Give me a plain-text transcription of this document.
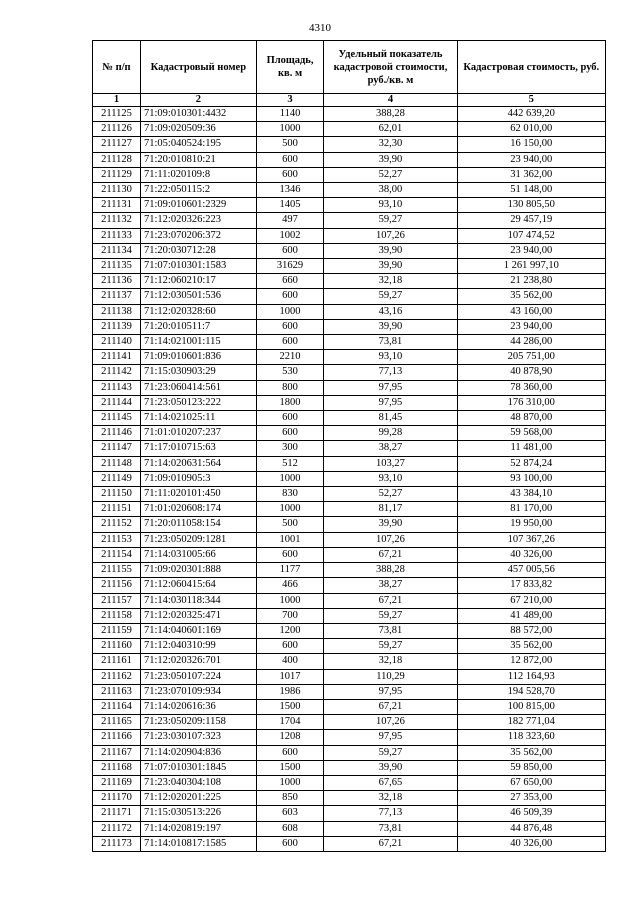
4310
№ п/п	Кадастровый номер	Площадь, кв. м	Удельный показатель кадастровой стоимости, руб./кв. м	Кадастровая стоимость, руб.
1	2	3	4	5
211125	71:09:010301:4432	1140	388,28	442 639,20
211126	71:09:020509:36	1000	62,01	62 010,00
211127	71:05:040524:195	500	32,30	16 150,00
211128	71:20:010810:21	600	39,90	23 940,00
211129	71:11:020109:8	600	52,27	31 362,00
211130	71:22:050115:2	1346	38,00	51 148,00
211131	71:09:010601:2329	1405	93,10	130 805,50
211132	71:12:020326:223	497	59,27	29 457,19
211133	71:23:070206:372	1002	107,26	107 474,52
211134	71:20:030712:28	600	39,90	23 940,00
211135	71:07:010301:1583	31629	39,90	1 261 997,10
211136	71:12:060210:17	660	32,18	21 238,80
211137	71:12:030501:536	600	59,27	35 562,00
211138	71:12:020328:60	1000	43,16	43 160,00
211139	71:20:010511:7	600	39,90	23 940,00
211140	71:14:021001:115	600	73,81	44 286,00
211141	71:09:010601:836	2210	93,10	205 751,00
211142	71:15:030903:29	530	77,13	40 878,90
211143	71:23:060414:561	800	97,95	78 360,00
211144	71:23:050123:222	1800	97,95	176 310,00
211145	71:14:021025:11	600	81,45	48 870,00
211146	71:01:010207:237	600	99,28	59 568,00
211147	71:17:010715:63	300	38,27	11 481,00
211148	71:14:020631:564	512	103,27	52 874,24
211149	71:09:010905:3	1000	93,10	93 100,00
211150	71:11:020101:450	830	52,27	43 384,10
211151	71:01:020608:174	1000	81,17	81 170,00
211152	71:20:011058:154	500	39,90	19 950,00
211153	71:23:050209:1281	1001	107,26	107 367,26
211154	71:14:031005:66	600	67,21	40 326,00
211155	71:09:020301:888	1177	388,28	457 005,56
211156	71:12:060415:64	466	38,27	17 833,82
211157	71:14:030118:344	1000	67,21	67 210,00
211158	71:12:020325:471	700	59,27	41 489,00
211159	71:14:040601:169	1200	73,81	88 572,00
211160	71:12:040310:99	600	59,27	35 562,00
211161	71:12:020326:701	400	32,18	12 872,00
211162	71:23:050107:224	1017	110,29	112 164,93
211163	71:23:070109:934	1986	97,95	194 528,70
211164	71:14:020616:36	1500	67,21	100 815,00
211165	71:23:050209:1158	1704	107,26	182 771,04
211166	71:23:030107:323	1208	97,95	118 323,60
211167	71:14:020904:836	600	59,27	35 562,00
211168	71:07:010301:1845	1500	39,90	59 850,00
211169	71:23:040304:108	1000	67,65	67 650,00
211170	71:12:020201:225	850	32,18	27 353,00
211171	71:15:030513:226	603	77,13	46 509,39
211172	71:14:020819:197	608	73,81	44 876,48
211173	71:14:010817:1585	600	67,21	40 326,00
